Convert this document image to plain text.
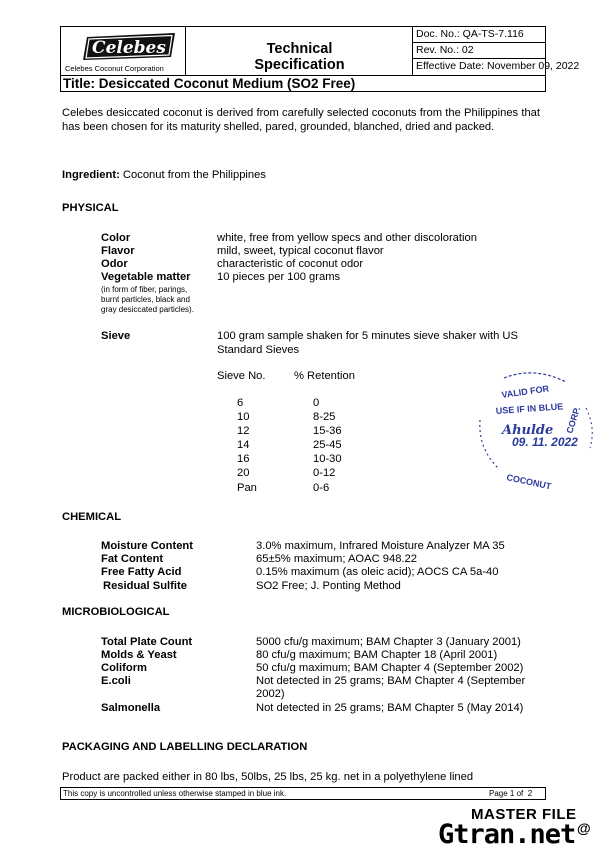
Celebes
Celebes Coconut Corporation
Technical
Specification
Doc. No.: QA-TS-7.116
Rev. No.: 02
Effective Date: November 09, 2022
Title: Desiccated Coconut Medium (SO2 Free)
Celebes desiccated coconut is derived from carefully selected coconuts from the Philippines that has been chosen for its maturity shelled, pared, grounded, blanched, dried and packed.
Ingredient: Coconut from the Philippines
PHYSICAL
Color	white, free from yellow specs and other discoloration
Flavor	mild, sweet, typical coconut flavor
Odor	characteristic of coconut odor
Vegetable matter 10 pieces per 100 grams
(in form of fiber, parings,
burnt particles, black and
gray desiccated particles).
Sieve	100 gram sample shaken for 5 minutes sieve shaker with US
Standard Sieves
Sieve No.	% Retention
6	0
10	8-25
12	15-36
14	25-45
16	10-30
20	0-12
Pan	0-6
VALID FOR
USE IF IN BLUE
Ahulde
09. 11. 2022
COCONUT
CORP.
CHEMICAL
Moisture Content	3.0% maximum, Infrared Moisture Analyzer MA 35
Fat Content	65±5% maximum; AOAC 948.22
Free Fatty Acid	0.15% maximum (as oleic acid); AOCS CA 5a-40
Residual Sulfite	SO2 Free; J. Ponting Method
MICROBIOLOGICAL
Total Plate Count	5000 cfu/g maximum; BAM Chapter 3 (January 2001)
Molds & Yeast	80 cfu/g maximum; BAM Chapter 18 (April 2001)
Coliform	50 cfu/g maximum; BAM Chapter 4 (September 2002)
E.coli	Not detected in 25 grams; BAM Chapter 4 (September
2002)
Salmonella	Not detected in 25 grams; BAM Chapter 5 (May 2014)
PACKAGING AND LABELLING DECLARATION
Product are packed either in 80 lbs, 50lbs, 25 lbs, 25 kg. net in a polyethylene lined
This copy is uncontrolled unless otherwise stamped in blue ink.	Page 1 of  2
MASTER FILE
Gtran.net @
